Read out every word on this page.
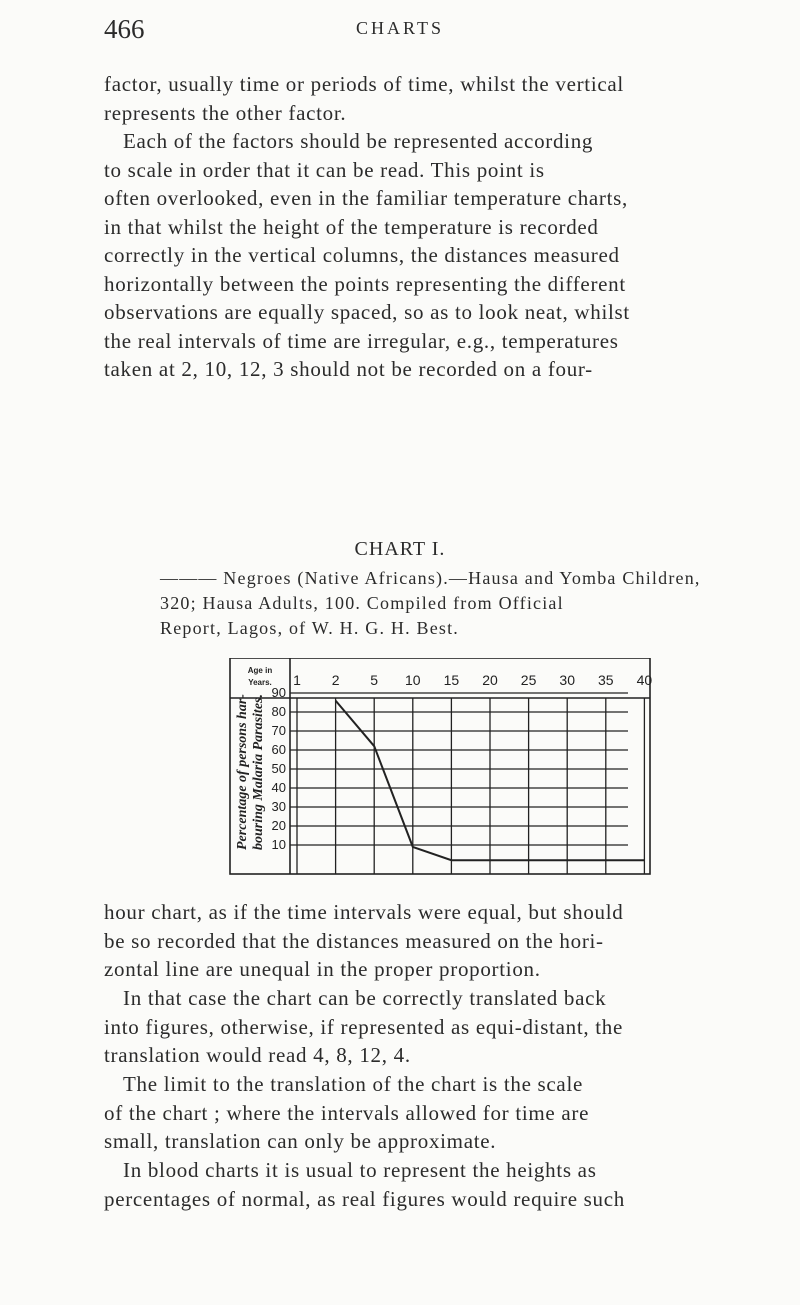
466	CHARTS

factor, usually time or periods of time, whilst the vertical
represents the other factor.

Each of the factors should be represented according
to scale in order that it can be read. This point is
often overlooked, even in the familiar temperature charts,
in that whilst the height of the temperature is recorded
correctly in the vertical columns, the distances measured
horizontally between the points representing the different
observations are equally spaced, so as to look neat, whilst
the real intervals of time are irregular, e.g., temperatures
taken at 2, 10, 12, 3 should not be recorded on a four-

CHART I.

——— Negroes (Native Africans).—Hausa and Yomba Children,
320; Hausa Adults, 100. Compiled from Official
Report, Lagos, of W. H. G. H. Best.

Age in
Years.
Percentage of persons har- bouring Malaria Parasites.
1 2 5 10 15 20 25 30 35 40
90
80
70
60
50
40
30
20
10

hour chart, as if the time intervals were equal, but should
be so recorded that the distances measured on the hori-
zontal line are unequal in the proper proportion.

In that case the chart can be correctly translated back
into figures, otherwise, if represented as equi-distant, the
translation would read 4, 8, 12, 4.

The limit to the translation of the chart is the scale
of the chart ; where the intervals allowed for time are
small, translation can only be approximate.

In blood charts it is usual to represent the heights as
percentages of normal, as real figures would require such
